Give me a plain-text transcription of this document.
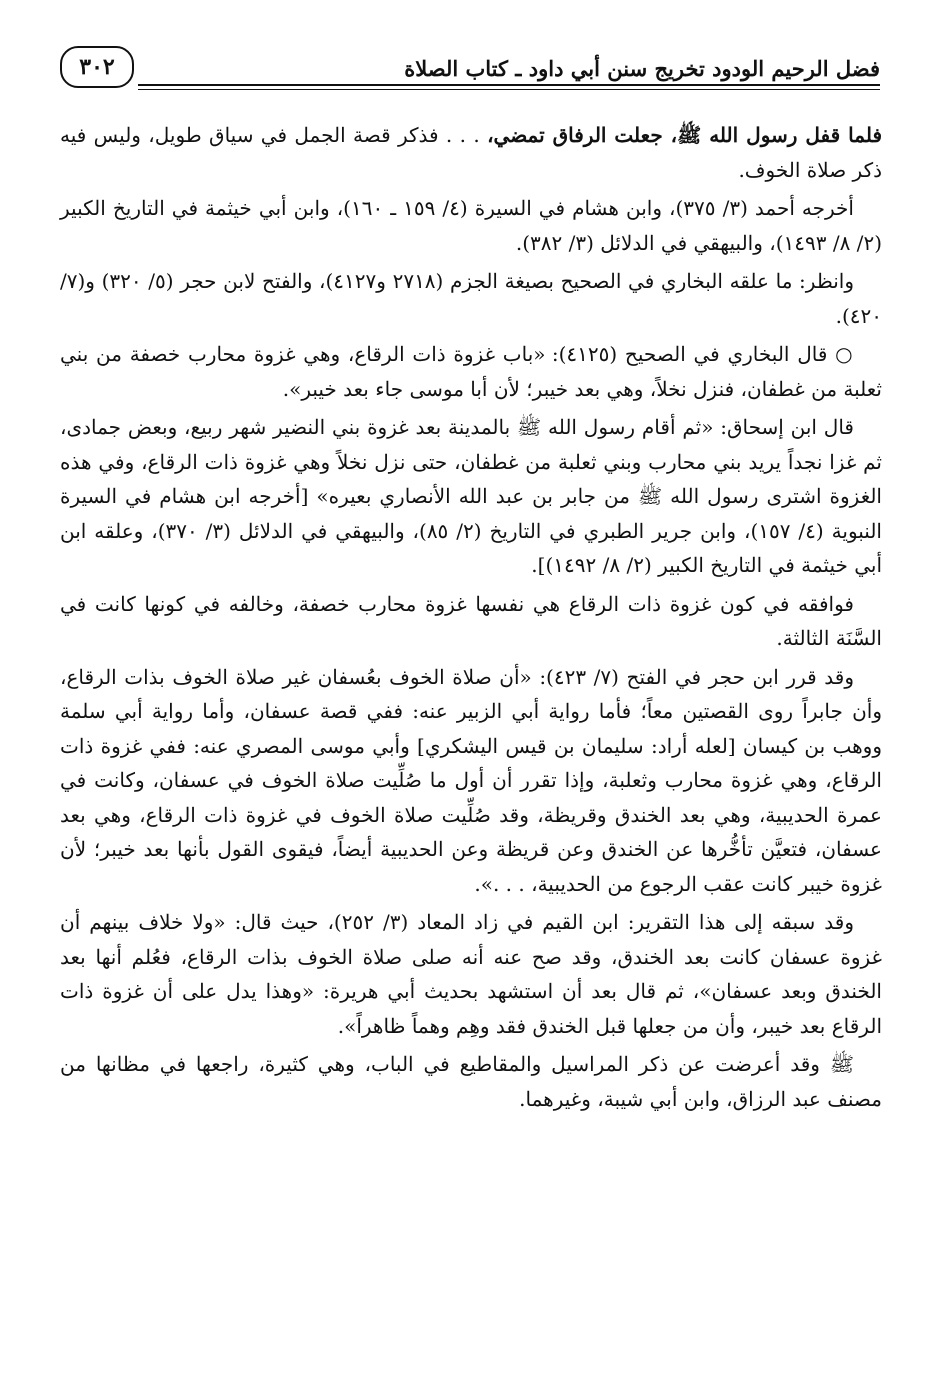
فضل الرحيم الودود تخريج سنن أبي داود ـ كتاب الصلاة
٣٠٢

فلما قفل رسول الله ﷺ، جعلت الرفاق تمضي، . . . فذكر قصة الجمل في سياق طويل، وليس فيه ذكر صلاة الخوف.

أخرجه أحمد (٣/ ٣٧٥)، وابن هشام في السيرة (٤/ ١٥٩ ـ ١٦٠)، وابن أبي خيثمة في التاريخ الكبير (٢/ ٨/ ١٤٩٣)، والبيهقي في الدلائل (٣/ ٣٨٢).

وانظر: ما علقه البخاري في الصحيح بصيغة الجزم (٢٧١٨ و٤١٢٧)، والفتح لابن حجر (٥/ ٣٢٠) و(٧/ ٤٢٠).

○ قال البخاري في الصحيح (٤١٢٥): «باب غزوة ذات الرقاع، وهي غزوة محارب خصفة من بني ثعلبة من غطفان، فنزل نخلاً، وهي بعد خيبر؛ لأن أبا موسى جاء بعد خيبر».

قال ابن إسحاق: «ثم أقام رسول الله ﷺ بالمدينة بعد غزوة بني النضير شهر ربيع، وبعض جمادى، ثم غزا نجداً يريد بني محارب وبني ثعلبة من غطفان، حتى نزل نخلاً وهي غزوة ذات الرقاع، وفي هذه الغزوة اشترى رسول الله ﷺ من جابر بن عبد الله الأنصاري بعيره» [أخرجه ابن هشام في السيرة النبوية (٤/ ١٥٧)، وابن جرير الطبري في التاريخ (٢/ ٨٥)، والبيهقي في الدلائل (٣/ ٣٧٠)، وعلقه ابن أبي خيثمة في التاريخ الكبير (٢/ ٨/ ١٤٩٢)].

فوافقه في كون غزوة ذات الرقاع هي نفسها غزوة محارب خصفة، وخالفه في كونها كانت في السَّنَة الثالثة.

وقد قرر ابن حجر في الفتح (٧/ ٤٢٣): «أن صلاة الخوف بعُسفان غير صلاة الخوف بذات الرقاع، وأن جابراً روى القصتين معاً؛ فأما رواية أبي الزبير عنه: ففي قصة عسفان، وأما رواية أبي سلمة ووهب بن كيسان [لعله أراد: سليمان بن قيس اليشكري] وأبي موسى المصري عنه: ففي غزوة ذات الرقاع، وهي غزوة محارب وثعلبة، وإذا تقرر أن أول ما صُلِّيت صلاة الخوف في عسفان، وكانت في عمرة الحديبية، وهي بعد الخندق وقريظة، وقد صُلِّيت صلاة الخوف في غزوة ذات الرقاع، وهي بعد عسفان، فتعيَّن تأخُّرها عن الخندق وعن قريظة وعن الحديبية أيضاً، فيقوى القول بأنها بعد خيبر؛ لأن غزوة خيبر كانت عقب الرجوع من الحديبية، . . .».

وقد سبقه إلى هذا التقرير: ابن القيم في زاد المعاد (٣/ ٢٥٢)، حيث قال: «ولا خلاف بينهم أن غزوة عسفان كانت بعد الخندق، وقد صح عنه أنه صلى صلاة الخوف بذات الرقاع، فعُلم أنها بعد الخندق وبعد عسفان»، ثم قال بعد أن استشهد بحديث أبي هريرة: «وهذا يدل على أن غزوة ذات الرقاع بعد خيبر، وأن من جعلها قبل الخندق فقد وهِم وهماً ظاهراً».

ﷺ وقد أعرضت عن ذكر المراسيل والمقاطيع في الباب، وهي كثيرة، راجعها في مظانها من مصنف عبد الرزاق، وابن أبي شيبة، وغيرهما.
